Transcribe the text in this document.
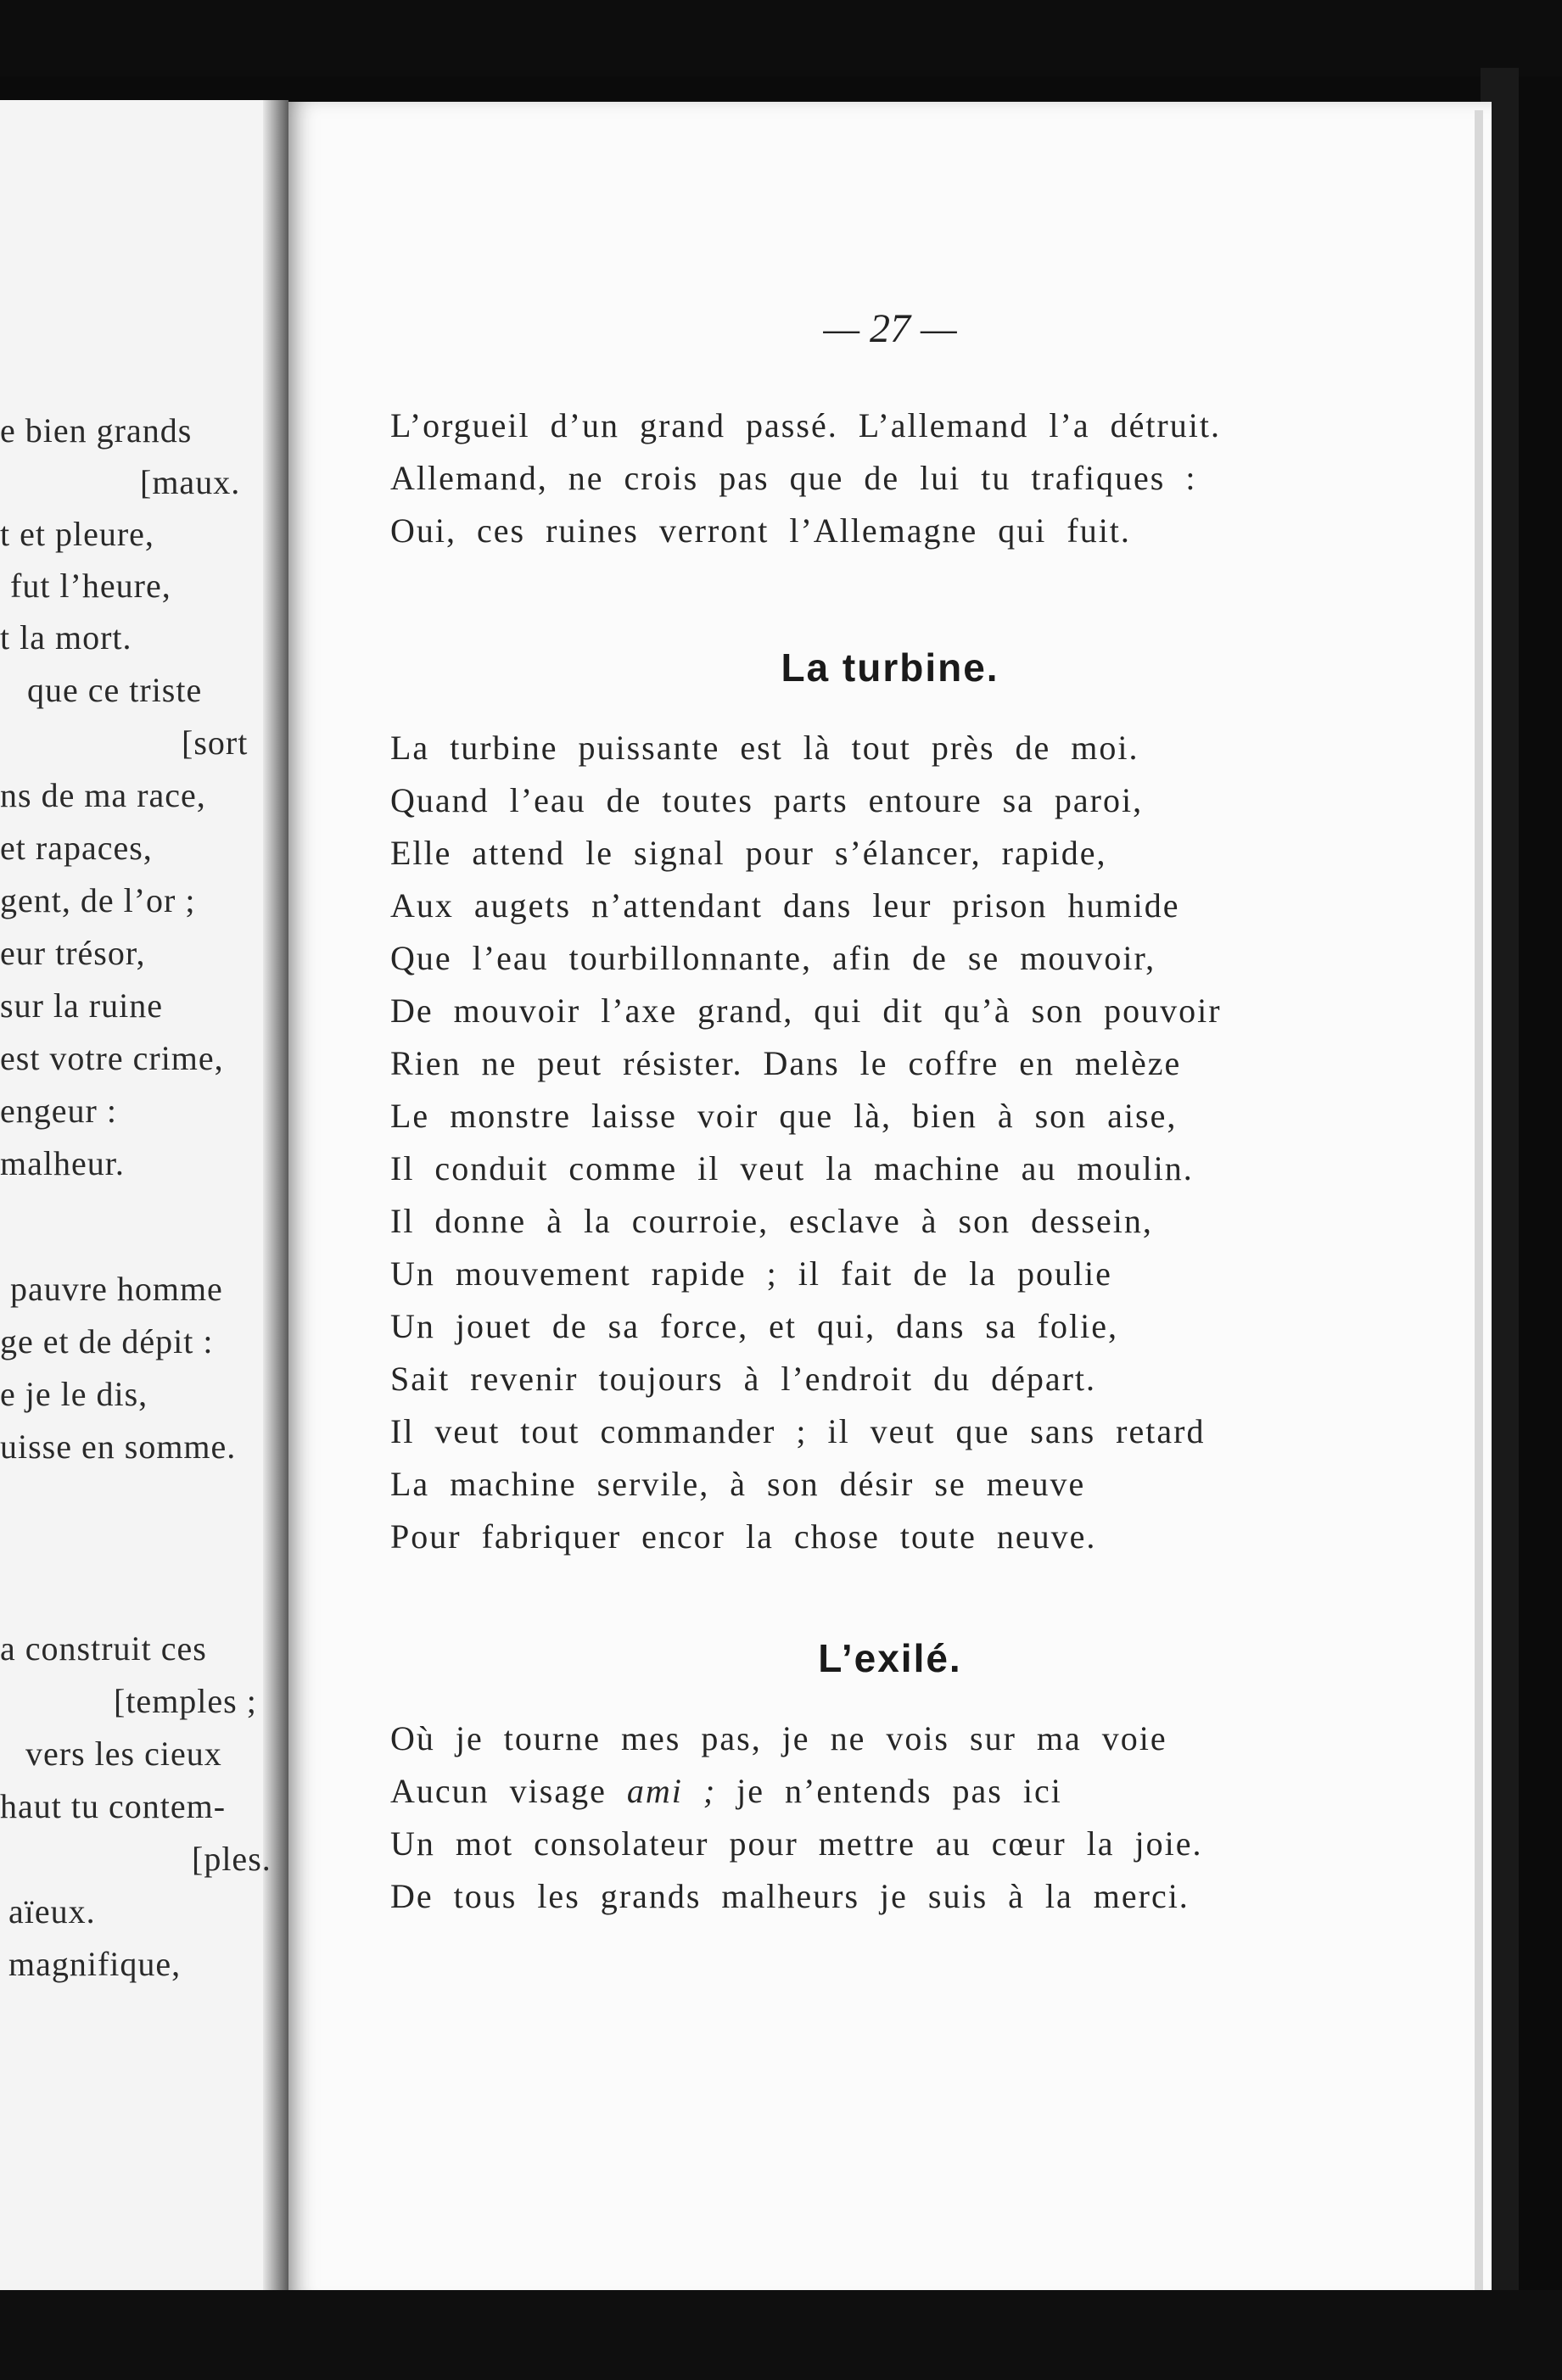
e bien grands
[maux.
t et pleure,
fut l’heure,
t la mort.
que ce triste
[sort
ns de ma race,
et rapaces,
gent, de l’or ;
eur trésor,
sur la ruine
est votre crime,
engeur :
malheur.
pauvre homme
ge et de dépit :
e je le dis,
uisse en somme.
a construit ces
[temples ;
vers les cieux
haut tu contem-
[ples.
aïeux.
magnifique,
— 27 —
L’orgueil d’un grand passé. L’allemand l’a détruit.
Allemand, ne crois pas que de lui tu trafiques :
Oui, ces ruines verront l’Allemagne qui fuit.
La turbine.
La turbine puissante est là tout près de moi.
Quand l’eau de toutes parts entoure sa paroi,
Elle attend le signal pour s’élancer, rapide,
Aux augets n’attendant dans leur prison humide
Que l’eau tourbillonnante, afin de se mouvoir,
De mouvoir l’axe grand, qui dit qu’à son pouvoir
Rien ne peut résister. Dans le coffre en melèze
Le monstre laisse voir que là, bien à son aise,
Il conduit comme il veut la machine au moulin.
Il donne à la courroie, esclave à son dessein,
Un mouvement rapide ; il fait de la poulie
Un jouet de sa force, et qui, dans sa folie,
Sait revenir toujours à l’endroit du départ.
Il veut tout commander ; il veut que sans retard
La machine servile, à son désir se meuve
Pour fabriquer encor la chose toute neuve.
L’exilé.
Où je tourne mes pas, je ne vois sur ma voie
Aucun visage ami ; je n’entends pas ici
Un mot consolateur pour mettre au cœur la joie.
De tous les grands malheurs je suis à la merci.
